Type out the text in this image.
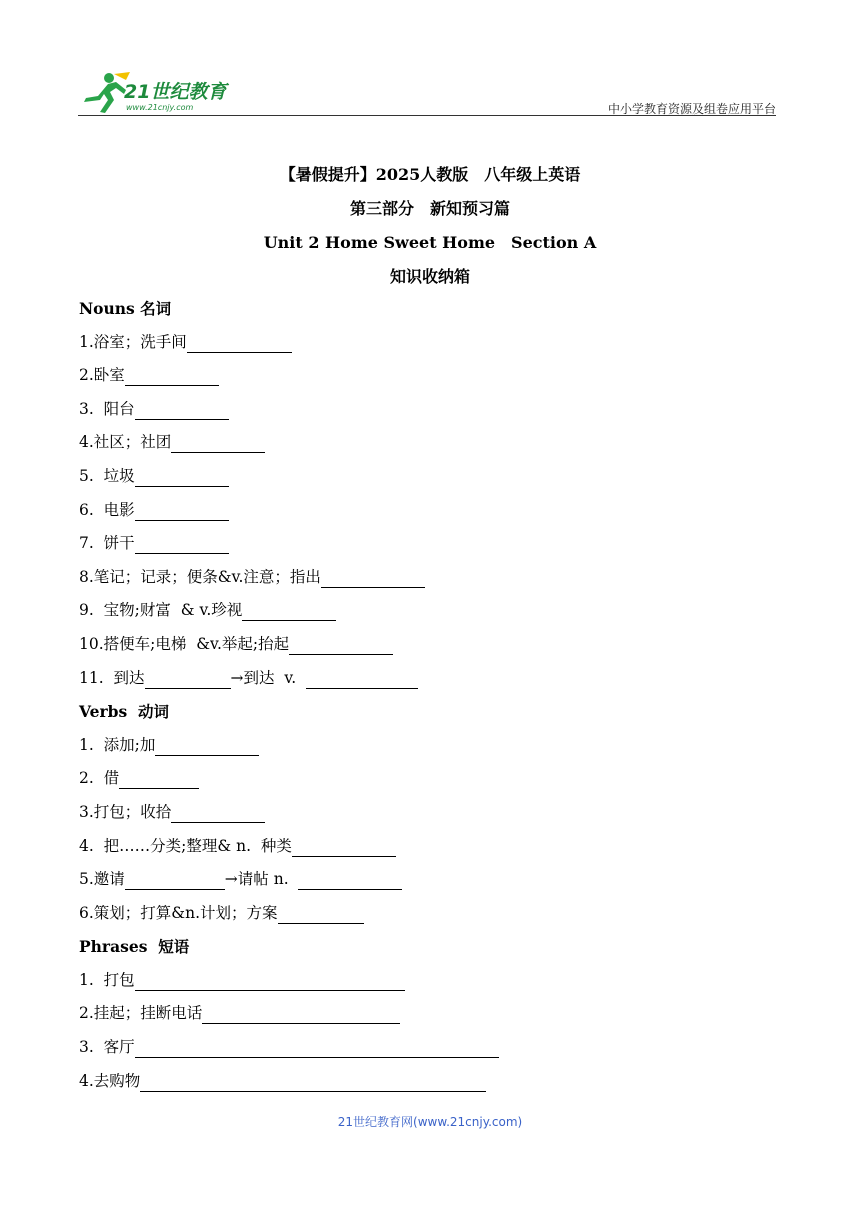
21世纪教育
www.21cnjy.com	中小学教育资源及组卷应用平台
【暑假提升】2025人教版　八年级上英语
第三部分　新知预习篇
Unit 2 Home Sweet Home　Section A
知识收纳箱
Nouns 名词
1.浴室；洗手间
2.卧室
3.  阳台
4.社区；社团
5.  垃圾
6.  电影
7.  饼干
8.笔记；记录；便条&v.注意；指出
9.  宝物;财富  & v.珍视
10.搭便车;电梯  &v.举起;抬起
11.  到达	→到达  v.
Verbs  动词
1.  添加;加
2.  借
3.打包；收拾
4.  把……分类;整理& n.  种类
5.邀请	→请帖 n.
6.策划；打算&n.计划；方案
Phrases  短语
1.  打包
2.挂起；挂断电话
3.  客厅
4.去购物
21世纪教育网(www.21cnjy.com)
